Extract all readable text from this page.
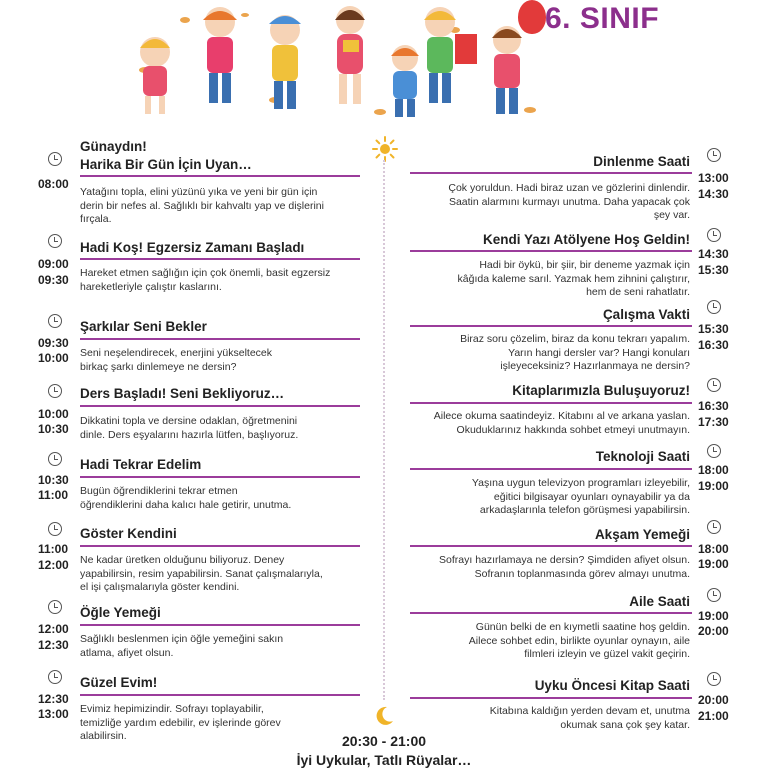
6. SINIF
Günaydın!
Harika Bir Gün İçin Uyan…
08:00
Yatağını topla, elini yüzünü yıka ve yeni bir gün için
derin bir nefes al. Sağlıklı bir kahvaltı yap ve dişlerini
fırçala.
Hadi Koş! Egzersiz Zamanı Başladı
09:00
09:30 Hareket etmen sağlığın için çok önemli, basit egzersiz
hareketleriyle çalıştır kaslarını.
Şarkılar Seni Bekler
09:30
10:00 Seni neşelendirecek, enerjini yükseltecek
birkaç şarkı dinlemeye ne dersin?
Ders Başladı! Seni Bekliyoruz…
10:00
10:30
Dikkatini topla ve dersine odaklan, öğretmenini
dinle. Ders eşyalarını hazırla lütfen, başlıyoruz.
Hadi Tekrar Edelim
10:30
11:00 Bugün öğrendiklerini tekrar etmen
öğrendiklerini daha kalıcı hale getirir, unutma.
Göster Kendini
11:00
12:00 Ne kadar üretken olduğunu biliyoruz. Deney
yapabilirsin, resim yapabilirsin. Sanat çalışmalarıyla,
el işi çalışmalarıyla göster kendini.
Öğle Yemeği
12:00
12:30 Sağlıklı beslenmen için öğle yemeğini sakın
atlama, afiyet olsun.
Güzel Evim!
12:30
13:00 Evimiz hepimizindir. Sofrayı toplayabilir,
temizliğe yardım edebilir, ev işlerinde görev
alabilirsin.
Dinlenme Saati
13:00
14:30
Çok yoruldun. Hadi biraz uzan ve gözlerini dinlendir.
Saatin alarmını kurmayı unutma. Daha yapacak çok
şey var.
Kendi Yazı Atölyene Hoş Geldin!
14:30
15:30
Hadi bir öykü, bir şiir, bir deneme yazmak için
kâğıda kaleme sarıl. Yazmak hem zihnini çalıştırır,
hem de seni rahatlatır.
Çalışma Vakti
15:30
16:30
Biraz soru çözelim, biraz da konu tekrarı yapalım.
Yarın hangi dersler var? Hangi konuları
işleyeceksiniz? Hazırlanmaya ne dersin?
Kitaplarımızla Buluşuyoruz!
16:30
17:30
Ailece okuma saatindeyiz. Kitabını al ve arkana yaslan.
Okuduklarınız hakkında sohbet etmeyi unutmayın.
Teknoloji Saati
18:00
19:00
Yaşına uygun televizyon programları izleyebilir,
eğitici bilgisayar oyunları oynayabilir ya da
arkadaşlarınla telefon görüşmesi yapabilirsin.
Akşam Yemeği
18:00
19:00
Sofrayı hazırlamaya ne dersin? Şimdiden afiyet olsun.
Sofranın toplanmasında görev almayı unutma.
Aile Saati
19:00
20:00
Günün belki de en kıymetli saatine hoş geldin.
Ailece sohbet edin, birlikte oyunlar oynayın, aile
filmleri izleyin ve güzel vakit geçirin.
Uyku Öncesi Kitap Saati
20:00
21:00
Kitabına kaldığın yerden devam et, unutma
okumak sana çok şey katar.
20:30 - 21:00
İyi Uykular, Tatlı Rüyalar…
